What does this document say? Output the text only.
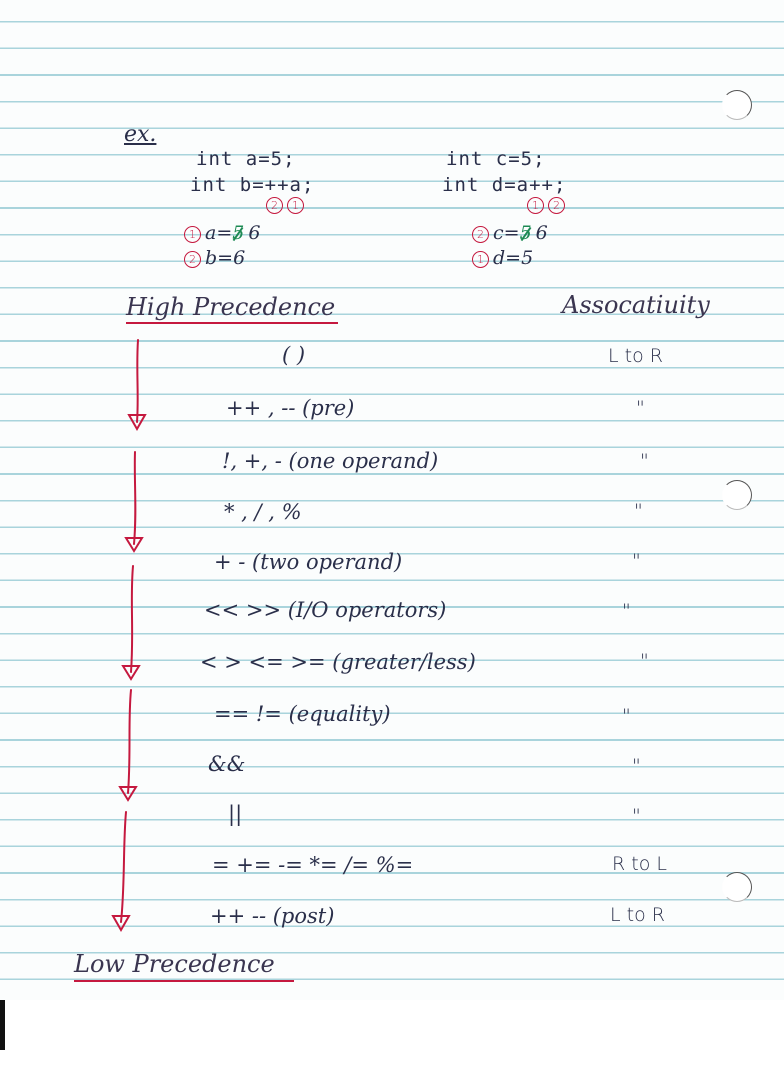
ex.
int a=5;
int b=++a;
2 1
1 a=5 6
2 b=6
int c=5;
int d=a++;
1 2
2 c=5 6
1 d=5
High Precedence	Assocatiuity
Low Precedence
( )	L to R
++ , -- (pre)	"
!, +, - (one operand)	"
* , / , %	"
+ - (two operand)	"
<< >> (I/O operators)	"
< > <= >= (greater/less)	"
== != (equality)	"
&&	"
||	"
= += -= *= /= %=	R to L
++ -- (post)	L to R
